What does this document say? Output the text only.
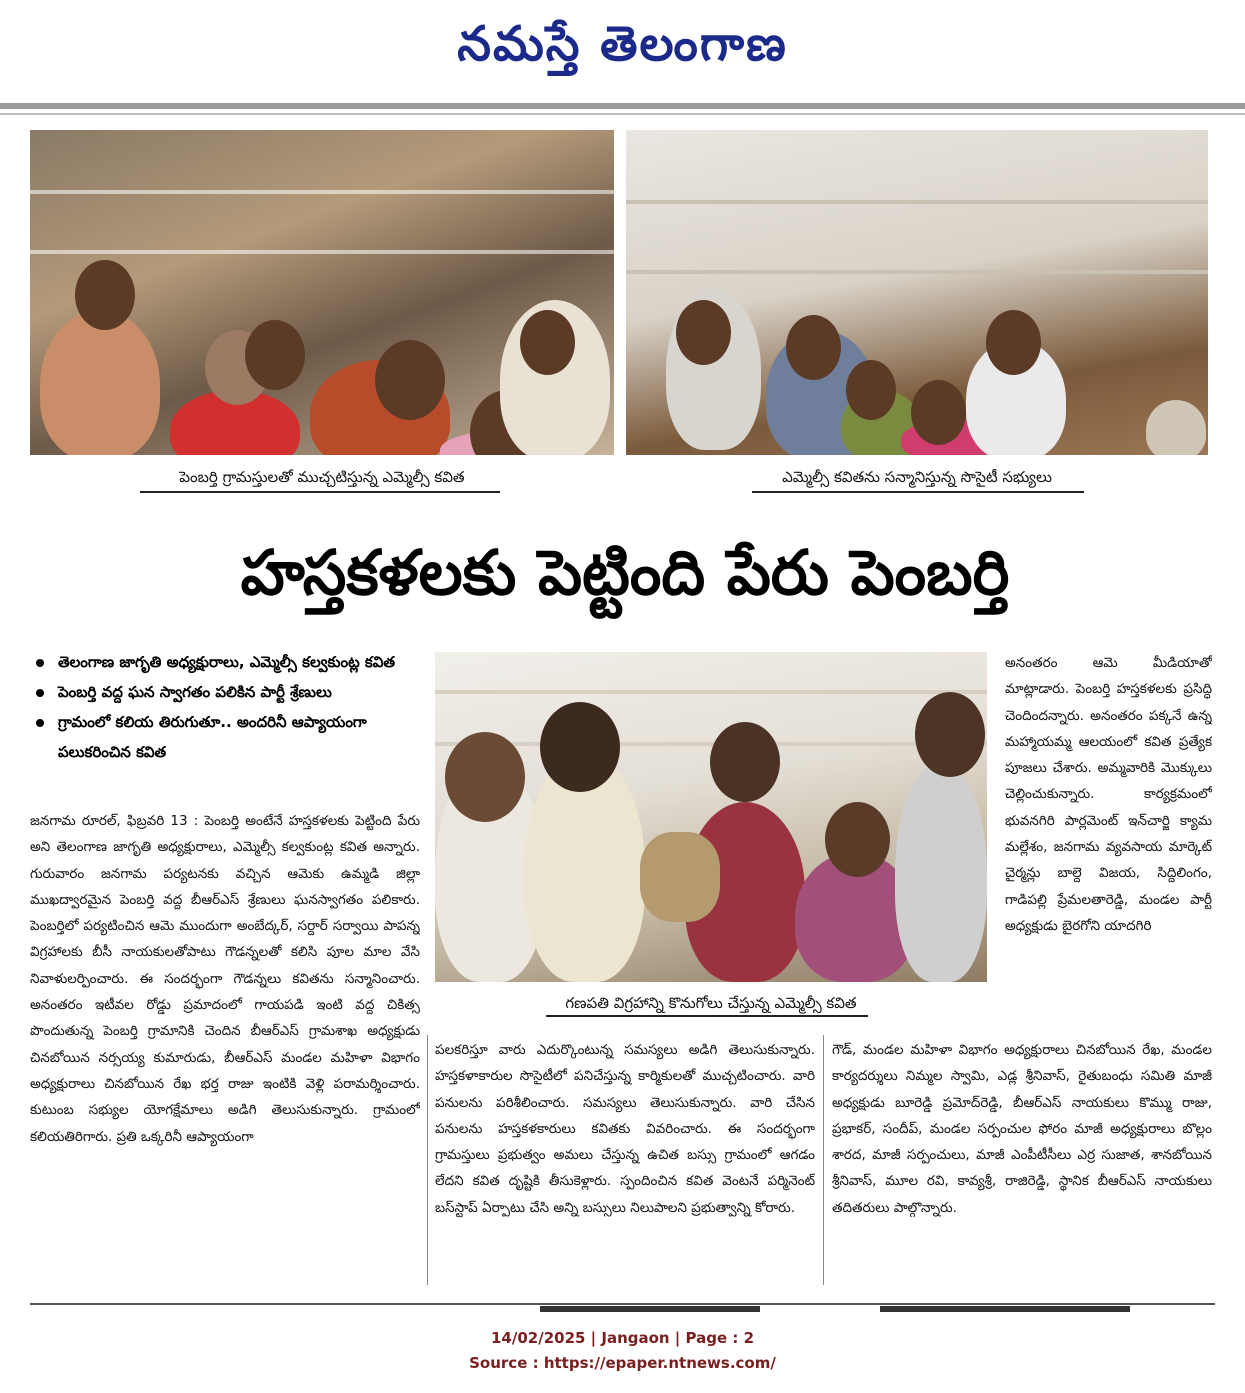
నమస్తే తెలంగాణ
పెంబర్తి గ్రామస్తులతో ముచ్చటిస్తున్న ఎమ్మెల్సీ కవిత	ఎమ్మెల్సీ కవితను సన్మానిస్తున్న సొసైటీ సభ్యులు
హస్తకళలకు పెట్టింది పేరు పెంబర్తి
తెలంగాణ జాగృతి అధ్యక్షురాలు, ఎమ్మెల్సీ కల్వకుంట్ల కవిత
పెంబర్తి వద్ద ఘన స్వాగతం పలికిన పార్టీ శ్రేణులు
గ్రామంలో కలియ తిరుగుతూ.. అందరినీ ఆప్యాయంగా పలుకరించిన కవిత
గణపతి విగ్రహాన్ని కొనుగోలు చేస్తున్న ఎమ్మెల్సీ కవిత

జనగామ రూరల్‌, ఫిబ్రవరి 13 : పెంబర్తి అంటేనే హస్తకళలకు పెట్టింది పేరు అని తెలంగాణ జాగృతి అధ్యక్షురాలు, ఎమ్మెల్సీ కల్వకుంట్ల కవిత అన్నారు. గురువారం జనగామ పర్యటనకు వచ్చిన ఆమెకు ఉమ్మడి జిల్లా ముఖద్వారమైన పెంబర్తి వద్ద బీఆర్‌ఎస్‌ శ్రేణులు ఘనస్వాగతం పలికారు. పెంబర్తిలో పర్యటించిన ఆమె ముందుగా అంబేద్కర్‌, సర్దార్‌ సర్వాయి పాపన్న విగ్రహాలకు బీసీ నాయకులతోపాటు గౌడన్నలతో కలిసి పూల మాల వేసి నివాళులర్పించారు. ఈ సందర్భంగా గౌడన్నలు కవితను సన్మానించారు. అనంతరం ఇటీవల రోడ్డు ప్రమాదంలో గాయపడి ఇంటి వద్ద చికిత్స పొందుతున్న పెంబర్తి గ్రామానికి చెందిన బీఆర్‌ఎస్‌ గ్రామశాఖ అధ్యక్షుడు చినబోయిన నర్సయ్య కుమారుడు, బీఆర్‌ఎస్‌ మండల మహిళా విభాగం అధ్యక్షురాలు చినబోయిన రేఖ భర్త రాజు ఇంటికి వెళ్లి పరామర్శించారు. కుటుంబ సభ్యుల యోగక్షేమాలు అడిగి తెలుసుకున్నారు. గ్రామంలో కలియతిరిగారు. ప్రతి ఒక్కరినీ ఆప్యాయంగా

పలకరిస్తూ వారు ఎదుర్కొంటున్న సమస్యలు అడిగి తెలుసుకున్నారు. హస్తకళాకారుల సొసైటీలో పనిచేస్తున్న కార్మికులతో ముచ్చటించారు. వారి పనులను పరిశీలించారు. సమస్యలు తెలుసుకున్నారు. వారి చేసిన పనులను హస్తకళకారులు కవితకు వివరించారు. ఈ సందర్భంగా గ్రామస్తులు ప్రభుత్వం అమలు చేస్తున్న ఉచిత బస్సు గ్రామంలో ఆగడం లేదని కవిత దృష్టికి తీసుకెళ్లారు. స్పందించిన కవిత వెంటనే పర్మినెంట్‌ బస్‌స్టాప్‌ ఏర్పాటు చేసి అన్ని బస్సులు నిలుపాలని ప్రభుత్వాన్ని కోరారు.

అనంతరం ఆమె మీడియాతో మాట్లాడారు. పెంబర్తి హస్తకళలకు ప్రసిద్ధి చెందిందన్నారు. అనంతరం పక్కనే ఉన్న మహ్మాయమ్మ ఆలయంలో కవిత ప్రత్యేక పూజలు చేశారు. అమ్మవారికి మొక్కులు చెల్లించుకున్నారు. కార్యక్రమంలో భువనగిరి పార్లమెంట్‌ ఇన్‌చార్జి క్యామ మల్లేశం, జనగామ వ్యవసాయ మార్కెట్‌ చైర్మన్లు బాల్దె విజయ, సిద్దిలింగం, గాడిపల్లి ప్రేమలతారెడ్డి, మండల పార్టీ అధ్యక్షుడు బైరగోని యాదగిరి

గౌడ్‌, మండల మహిళా విభాగం అధ్యక్షురాలు చినబోయిన రేఖ, మండల కార్యదర్శులు నిమ్మల స్వామి, ఎడ్ల శ్రీనివాస్‌, రైతుబంధు సమితి మాజీ అధ్యక్షుడు బూరెడ్డి ప్రమోద్‌రెడ్డి, బీఆర్‌ఎస్‌ నాయకులు కొమ్ము రాజు, ప్రభాకర్‌, సందీప్‌, మండల సర్పంచుల ఫోరం మాజీ అధ్యక్షురాలు బొల్లం శారద, మాజీ సర్పంచులు, మాజీ ఎంపీటీసీలు ఎర్ర సుజాత, శానబోయిన శ్రీనివాస్‌, మూల రవి, కావ్యశ్రీ, రాజిరెడ్డి, స్థానిక బీఆర్‌ఎస్‌ నాయకులు తదితరులు పాల్గొన్నారు.

14/02/2025 | Jangaon | Page : 2
Source : https://epaper.ntnews.com/
